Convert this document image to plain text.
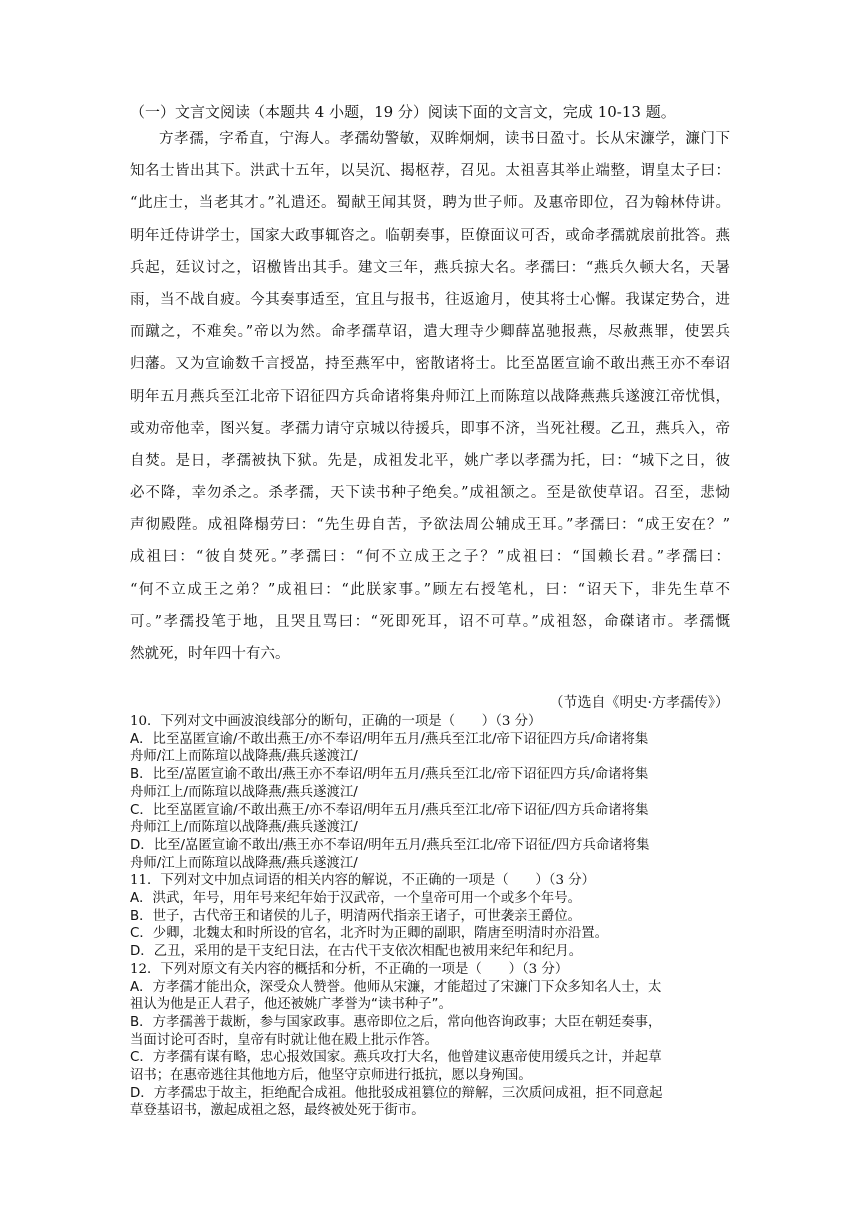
（一）文言文阅读（本题共 4 小题，19 分）阅读下面的文言文，完成 10-13 题。
方孝孺，字希直，宁海人。孝孺幼警敏，双眸炯炯，读书日盈寸。长从宋濂学，濂门下
知名士皆出其下。洪武十五年，以吴沉、揭枢荐，召见。太祖喜其举止端整，谓皇太子曰：
“此庄士，当老其才。”礼遣还。蜀献王闻其贤，聘为世子师。及惠帝即位，召为翰林侍讲。
明年迁侍讲学士，国家大政事辄咨之。临朝奏事，臣僚面议可否，或命孝孺就扆前批答。燕
兵起，廷议讨之，诏檄皆出其手。建文三年，燕兵掠大名。孝孺曰：“燕兵久顿大名，天暑
雨，当不战自疲。今其奏事适至，宜且与报书，往返逾月，使其将士心懈。我谋定势合，进
而蹴之，不难矣。”帝以为然。命孝孺草诏，遣大理寺少卿薛嵓驰报燕，尽赦燕罪，使罢兵
归藩。又为宣谕数千言授嵓，持至燕军中，密散诸将士。比至嵓匿宣谕不敢出燕王亦不奉诏
明年五月燕兵至江北帝下诏征四方兵命诸将集舟师江上而陈瑄以战降燕燕兵遂渡江帝忧惧，
或劝帝他幸，图兴复。孝孺力请守京城以待援兵，即事不济，当死社稷。乙丑，燕兵入，帝
自焚。是日，孝孺被执下狱。先是，成祖发北平，姚广孝以孝孺为托，曰：“城下之日，彼
必不降，幸勿杀之。杀孝孺，天下读书种子绝矣。”成祖颔之。至是欲使草诏。召至，悲恸
声彻殿陛。成祖降榻劳曰：“先生毋自苦，予欲法周公辅成王耳。”孝孺曰：“成王安在？”
成祖曰：“彼自焚死。”孝孺曰：“何不立成王之子？”成祖曰：“国赖长君。”孝孺曰：
“何不立成王之弟？”成祖曰：“此朕家事。”顾左右授笔札，曰：“诏天下，非先生草不
可。”孝孺投笔于地，且哭且骂曰：“死即死耳，诏不可草。”成祖怒，命磔诸市。孝孺慨
然就死，时年四十有六。
（节选自《明史·方孝孺传》）
10．下列对文中画波浪线部分的断句，正确的一项是（　　）（3 分）
A．比至嵓匿宣谕/不敢出燕王/亦不奉诏/明年五月/燕兵至江北/帝下诏征四方兵/命诸将集
舟师/江上而陈瑄以战降燕/燕兵遂渡江/
B．比至/嵓匿宣谕不敢出/燕王亦不奉诏/明年五月/燕兵至江北/帝下诏征四方兵/命诸将集
舟师江上/而陈瑄以战降燕/燕兵遂渡江/
C．比至嵓匿宣谕/不敢出燕王/亦不奉诏/明年五月/燕兵至江北/帝下诏征/四方兵命诸将集
舟师江上/而陈瑄以战降燕/燕兵遂渡江/
D．比至/嵓匿宣谕不敢出/燕王亦不奉诏/明年五月/燕兵至江北/帝下诏征/四方兵命诸将集
舟师/江上而陈瑄以战降燕/燕兵遂渡江/
11．下列对文中加点词语的相关内容的解说，不正确的一项是（　　）（3 分）
A．洪武，年号，用年号来纪年始于汉武帝，一个皇帝可用一个或多个年号。
B．世子，古代帝王和诸侯的儿子，明清两代指亲王诸子，可世袭亲王爵位。
C．少卿，北魏太和时所设的官名，北齐时为正卿的副职，隋唐至明清时亦沿置。
D．乙丑，采用的是干支纪日法，在古代干支依次相配也被用来纪年和纪月。
12．下列对原文有关内容的概括和分析，不正确的一项是（　　）（3 分）
A．方孝孺才能出众，深受众人赞誉。他师从宋濂，才能超过了宋濂门下众多知名人士，太
祖认为他是正人君子，他还被姚广孝誉为“读书种子”。
B．方孝孺善于裁断，参与国家政事。惠帝即位之后，常向他咨询政事；大臣在朝廷奏事，
当面讨论可否时，皇帝有时就让他在殿上批示作答。
C．方孝孺有谋有略，忠心报效国家。燕兵攻打大名，他曾建议惠帝使用缓兵之计，并起草
诏书；在惠帝逃往其他地方后，他坚守京师进行抵抗，愿以身殉国。
D．方孝孺忠于故主，拒绝配合成祖。他批驳成祖篡位的辩解，三次质问成祖，拒不同意起
草登基诏书，激起成祖之怒，最终被处死于街市。
